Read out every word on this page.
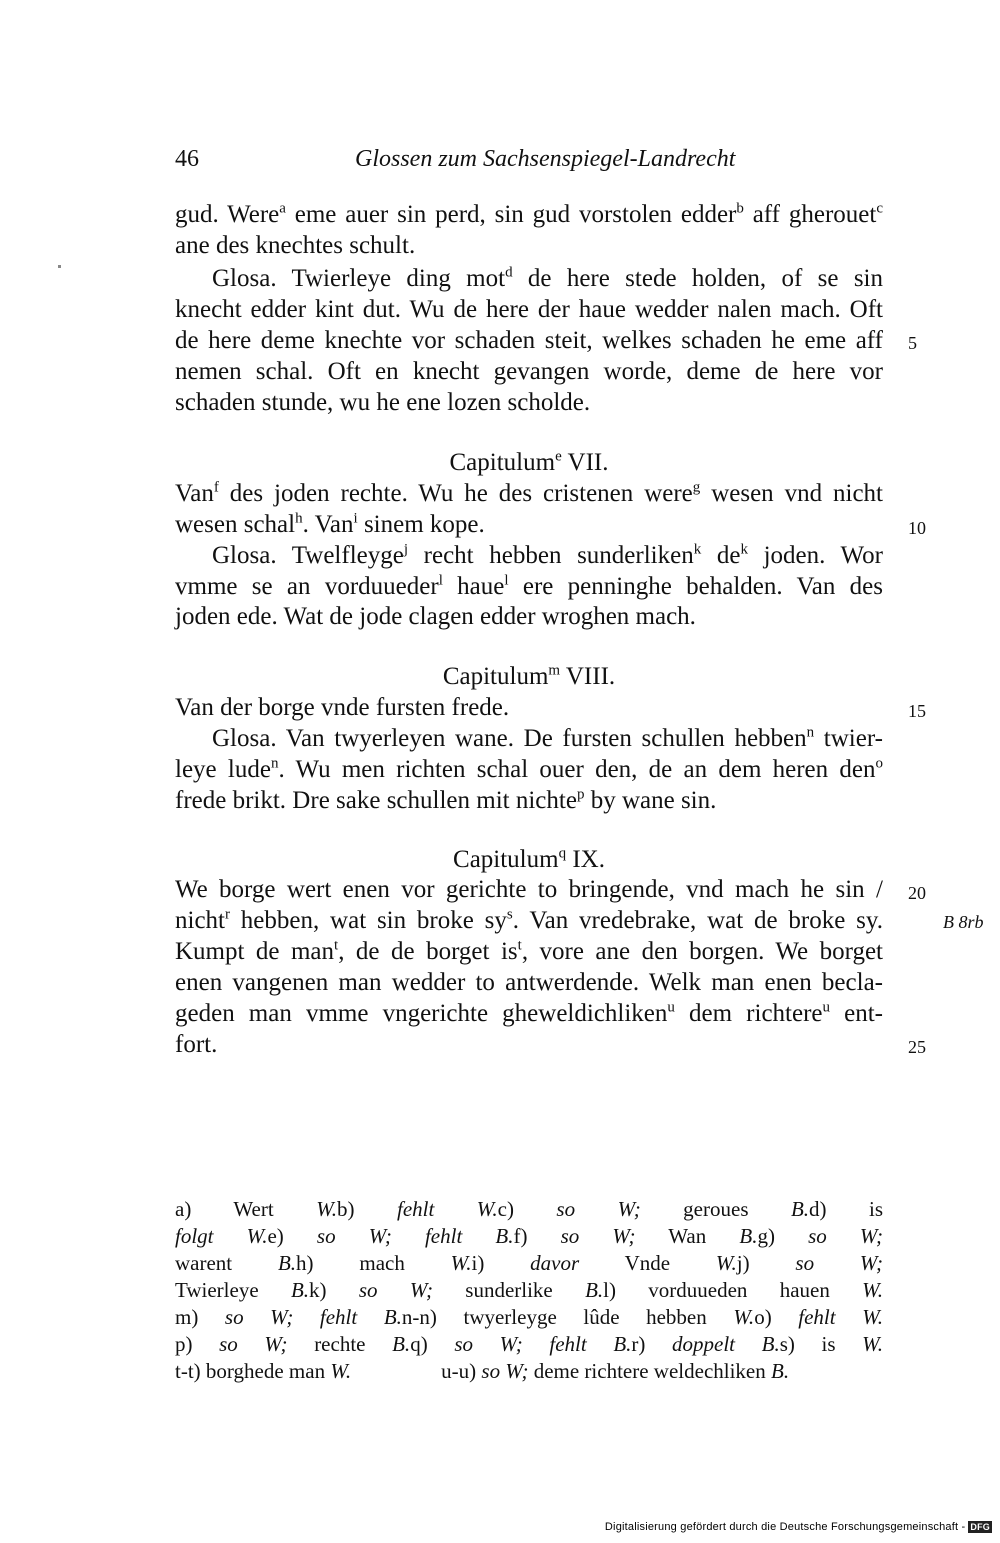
46	Glossen zum Sachsenspiegel-Landrecht
gud. Were$^a$ eme auer sin perd, sin gud vorstolen edder$^b$ aff gherouet$^c$
ane des knechtes schult.
Glosa. Twierleye ding mot$^d$ de here stede holden, of se sin
knecht edder kint dut. Wu de here der haue wedder nalen mach. Oft
de here deme knechte vor schaden steit, welkes schaden he eme aff
nemen schal. Oft en knecht gevangen worde, deme de here vor
schaden stunde, wu he ene lozen scholde.
Capitulum$^e$ VII.
Van$^f$ des joden rechte. Wu he des cristenen were$^g$ wesen vnd nicht
wesen schal$^h$. Van$^i$ sinem kope.
Glosa. Twelfleyge$^j$ recht hebben sunderliken$^k$ $de^k$ joden. Wor
vmme se an vorduueder$^l$ haue$^l$ ere penninghe behalden. Van des
joden ede. Wat de jode clagen edder wroghen mach.
Capitulum$^m$ VIII.
Van der borge vnde fursten frede.
Glosa. Van twyerleyen wane. De fursten schullen hebben$^n$ twier-
leye lude$^n$. Wu men richten schal ouer den, de an dem heren den$^o$
frede brikt. Dre sake schullen mit nichte$^p$ by wane sin.
Capitulum$^q$ IX.
We borge wert enen vor gerichte to bringende, vnd mach he sin /
nicht$^r$ hebben, wat sin broke $sy^s$. Van vredebrake, wat de broke sy.
Kumpt de man$^t$, de de borget $is^t$, vore ane den borgen. We borget
enen vangenen man wedder to antwerdende. Welk man enen becla-
geden man vmme vngerichte gheweldichliken$^u$ dem richtere$^u$ ent-
fort.
5
10
15
20
25
B 8rb
a) Wert W.b) fehlt W.c) so W; geroues B.d) is
folgt W.e) so W; fehlt B.f) so W; Wan B.g) so W;
warent B.h) mach W.i) davor Vnde W.j) so W;
Twierleye B.k) so W; sunderlike B.l) vorduueden hauen W.
m) so W; fehlt B.n-n) twyerleyge lûde hebben W.o) fehlt W.
p) so W; rechte B.q) so W; fehlt B.r) doppelt B.s) is W.
t-t) borghede man W.	u-u) so W; deme richtere weldechliken B.
Digitalisierung gefördert durch die Deutsche Forschungsgemeinschaft - DFG
